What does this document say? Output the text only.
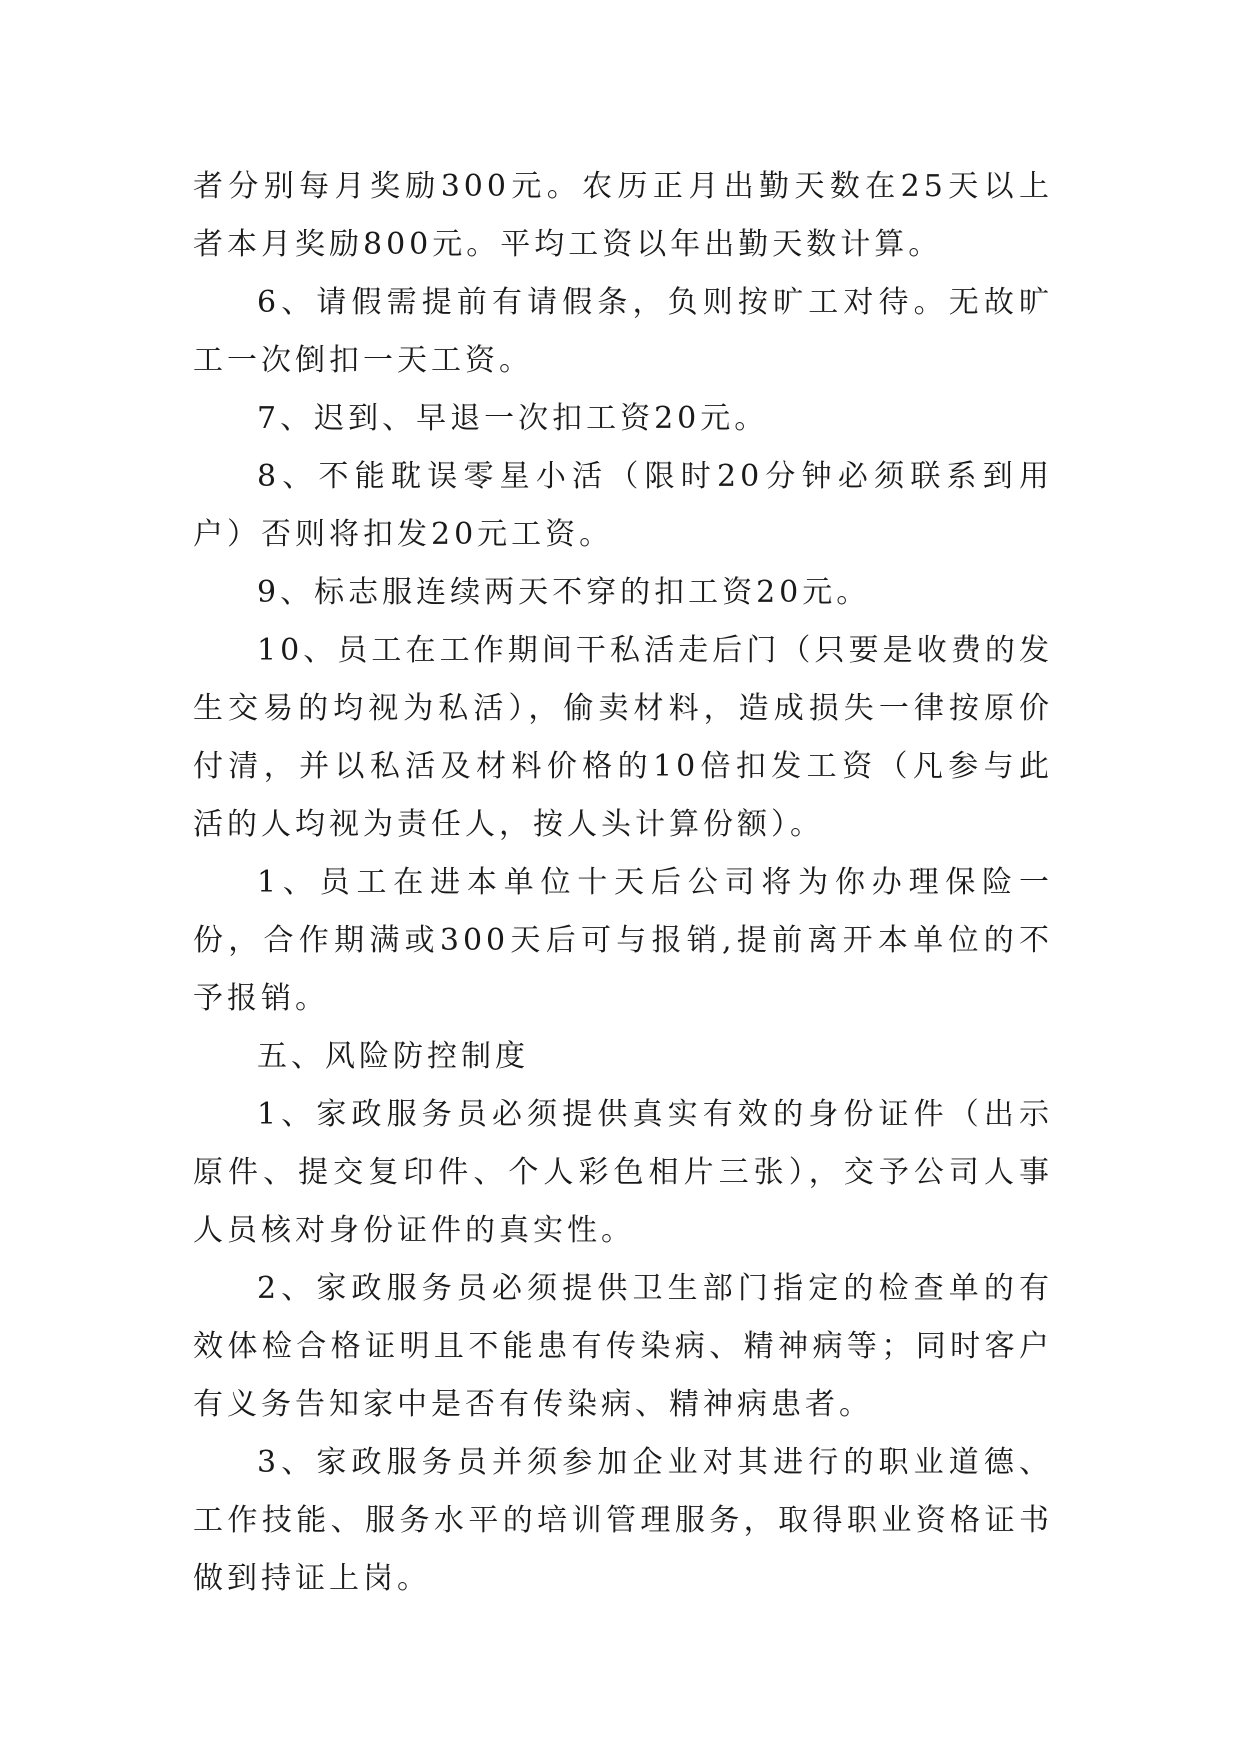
者分别每月奖励300元。农历正月出勤天数在25天以上者本月奖励800元。平均工资以年出勤天数计算。

6、请假需提前有请假条，负则按旷工对待。无故旷工一次倒扣一天工资。

7、迟到、早退一次扣工资20元。

8、不能耽误零星小活（限时20分钟必须联系到用户）否则将扣发20元工资。

9、标志服连续两天不穿的扣工资20元。

10、员工在工作期间干私活走后门（只要是收费的发生交易的均视为私活），偷卖材料，造成损失一律按原价付清，并以私活及材料价格的10倍扣发工资（凡参与此活的人均视为责任人，按人头计算份额）。

1、员工在进本单位十天后公司将为你办理保险一份，合作期满或300天后可与报销,提前离开本单位的不予报销。

五、风险防控制度

1、家政服务员必须提供真实有效的身份证件（出示原件、提交复印件、个人彩色相片三张），交予公司人事人员核对身份证件的真实性。

2、家政服务员必须提供卫生部门指定的检查单的有效体检合格证明且不能患有传染病、精神病等；同时客户有义务告知家中是否有传染病、精神病患者。

3、家政服务员并须参加企业对其进行的职业道德、工作技能、服务水平的培训管理服务，取得职业资格证书做到持证上岗。
